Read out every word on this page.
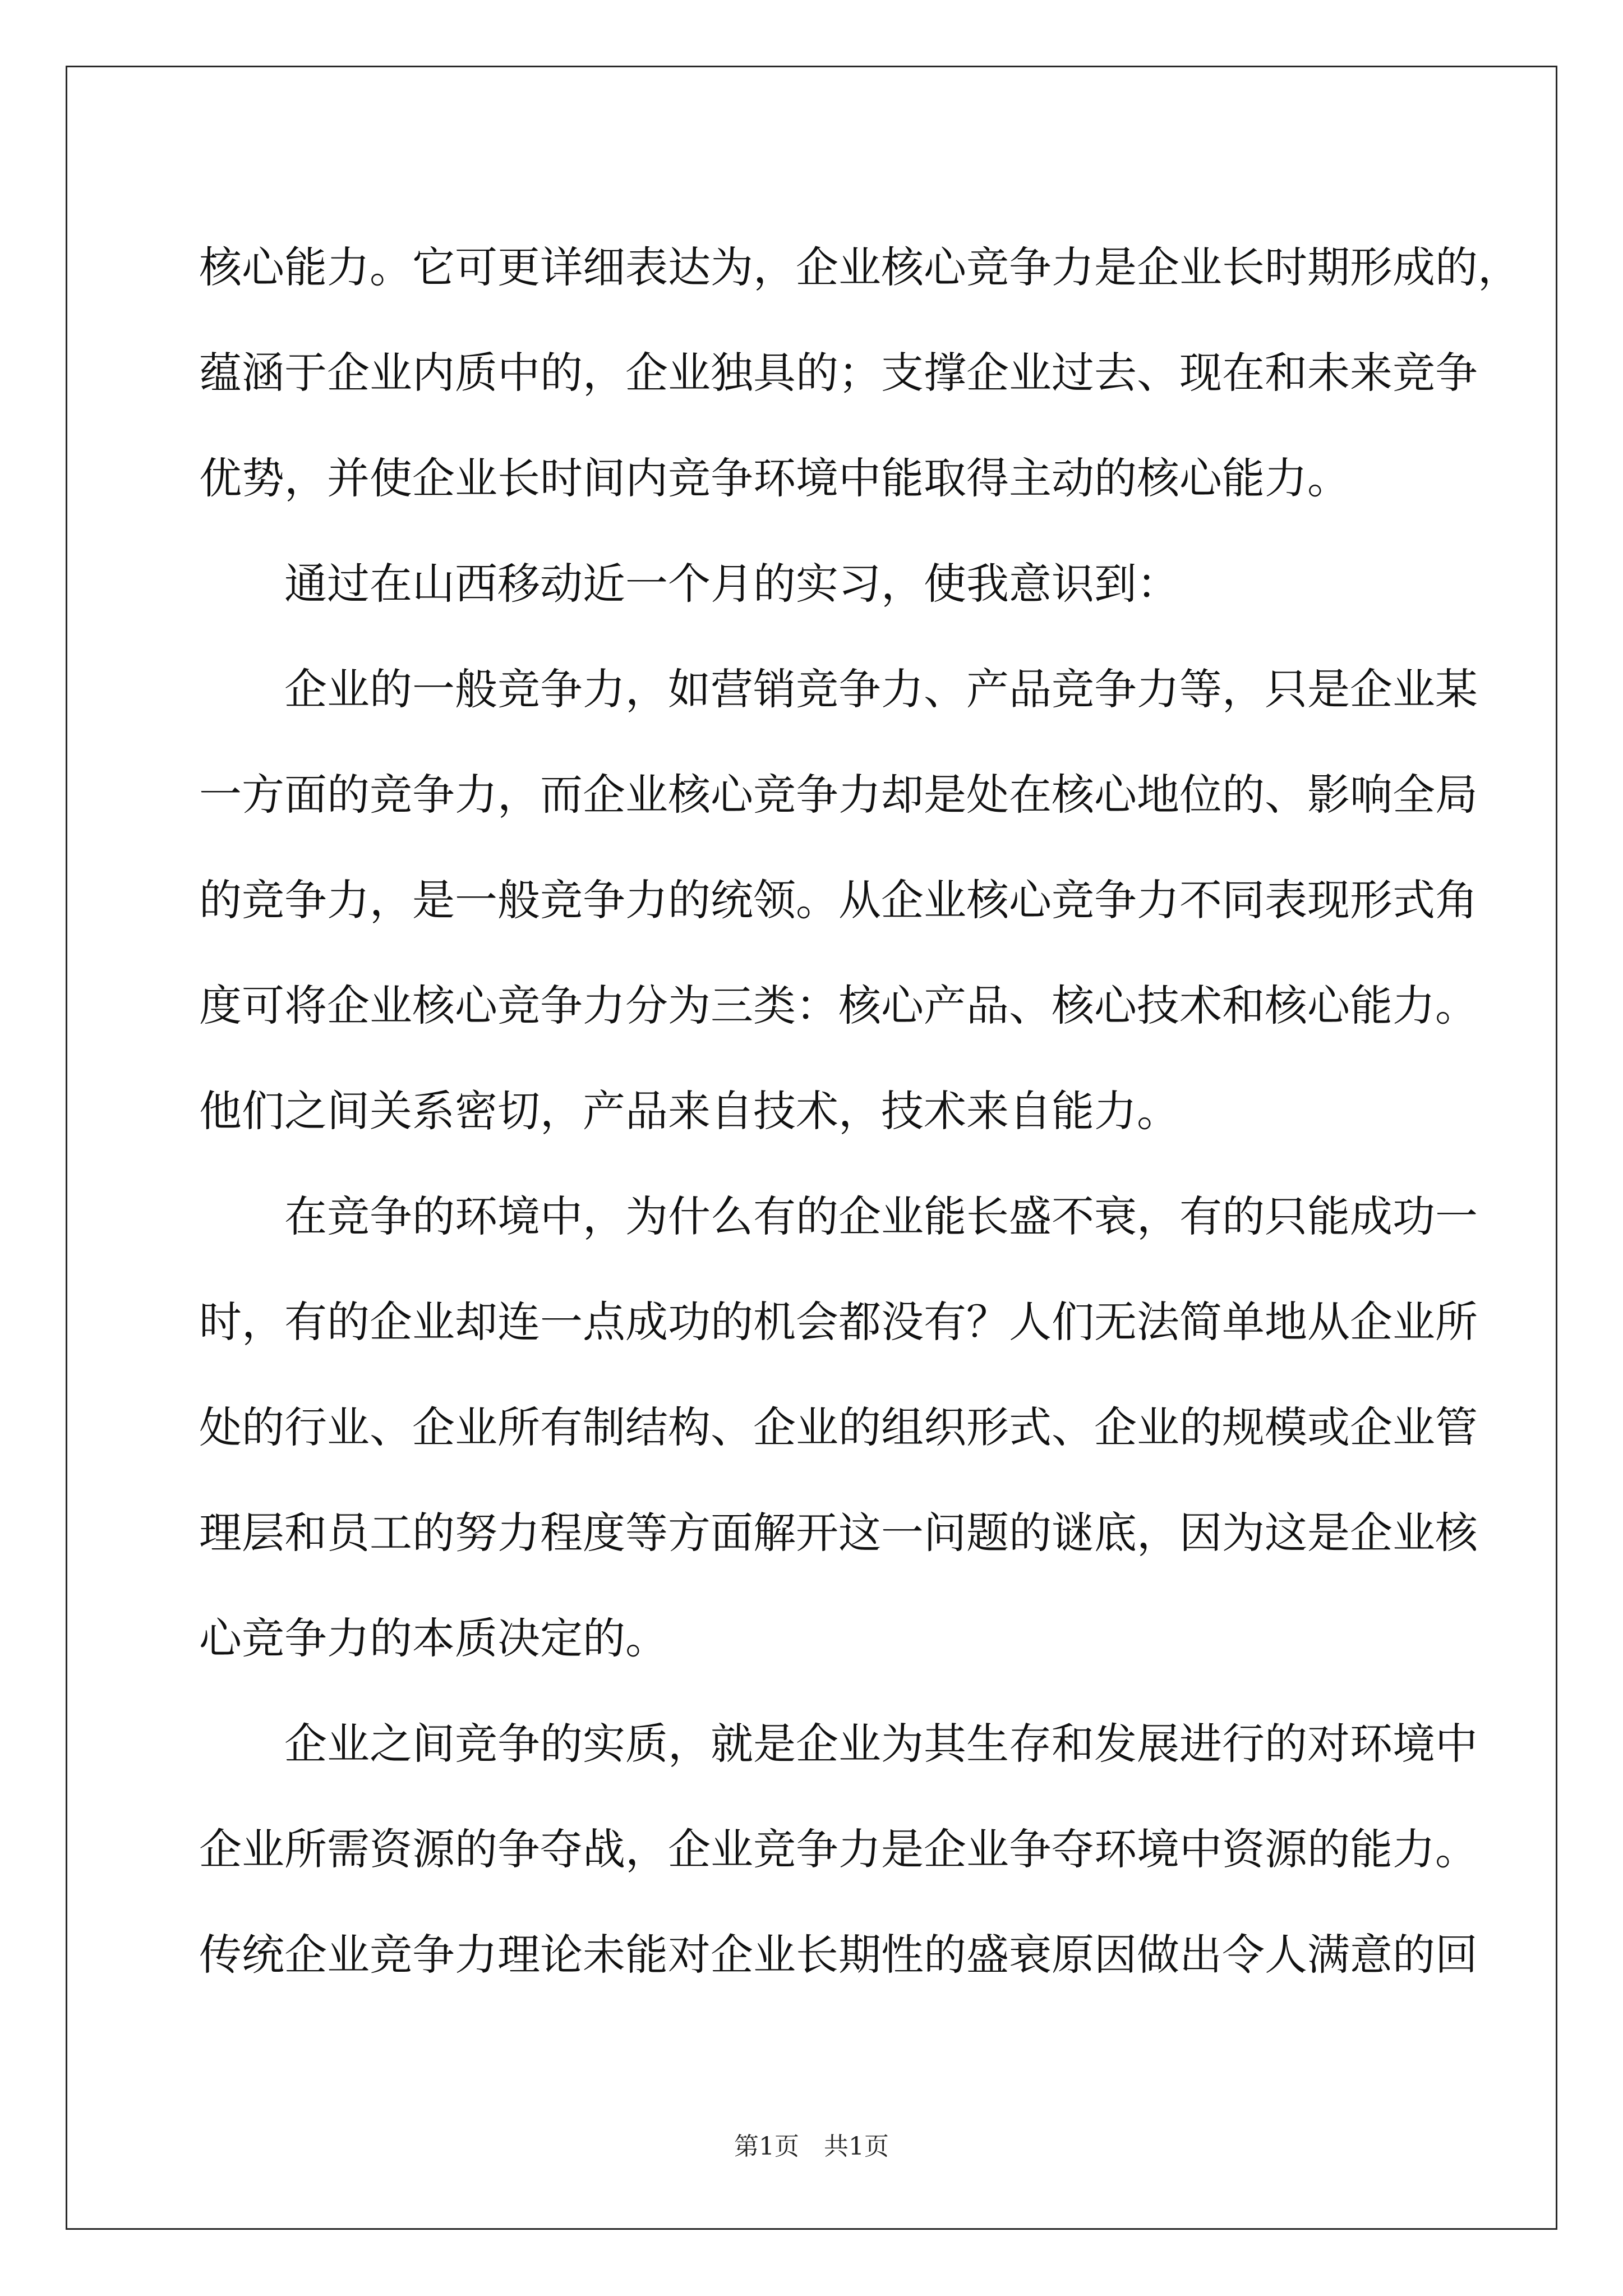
核心能力。它可更详细表达为，企业核心竞争力是企业长时期形成的，
蕴涵于企业内质中的，企业独具的；支撑企业过去、现在和未来竞争
优势，并使企业长时间内竞争环境中能取得主动的核心能力。
　　通过在山西移动近一个月的实习，使我意识到：
　　企业的一般竞争力，如营销竞争力、产品竞争力等，只是企业某
一方面的竞争力，而企业核心竞争力却是处在核心地位的、影响全局
的竞争力，是一般竞争力的统领。从企业核心竞争力不同表现形式角
度可将企业核心竞争力分为三类：核心产品、核心技术和核心能力。
他们之间关系密切，产品来自技术，技术来自能力。
　　在竞争的环境中，为什么有的企业能长盛不衰，有的只能成功一
时，有的企业却连一点成功的机会都没有？人们无法简单地从企业所
处的行业、企业所有制结构、企业的组织形式、企业的规模或企业管
理层和员工的努力程度等方面解开这一问题的谜底，因为这是企业核
心竞争力的本质决定的。
　　企业之间竞争的实质，就是企业为其生存和发展进行的对环境中
企业所需资源的争夺战，企业竞争力是企业争夺环境中资源的能力。
传统企业竞争力理论未能对企业长期性的盛衰原因做出令人满意的回
第1页　共1页
